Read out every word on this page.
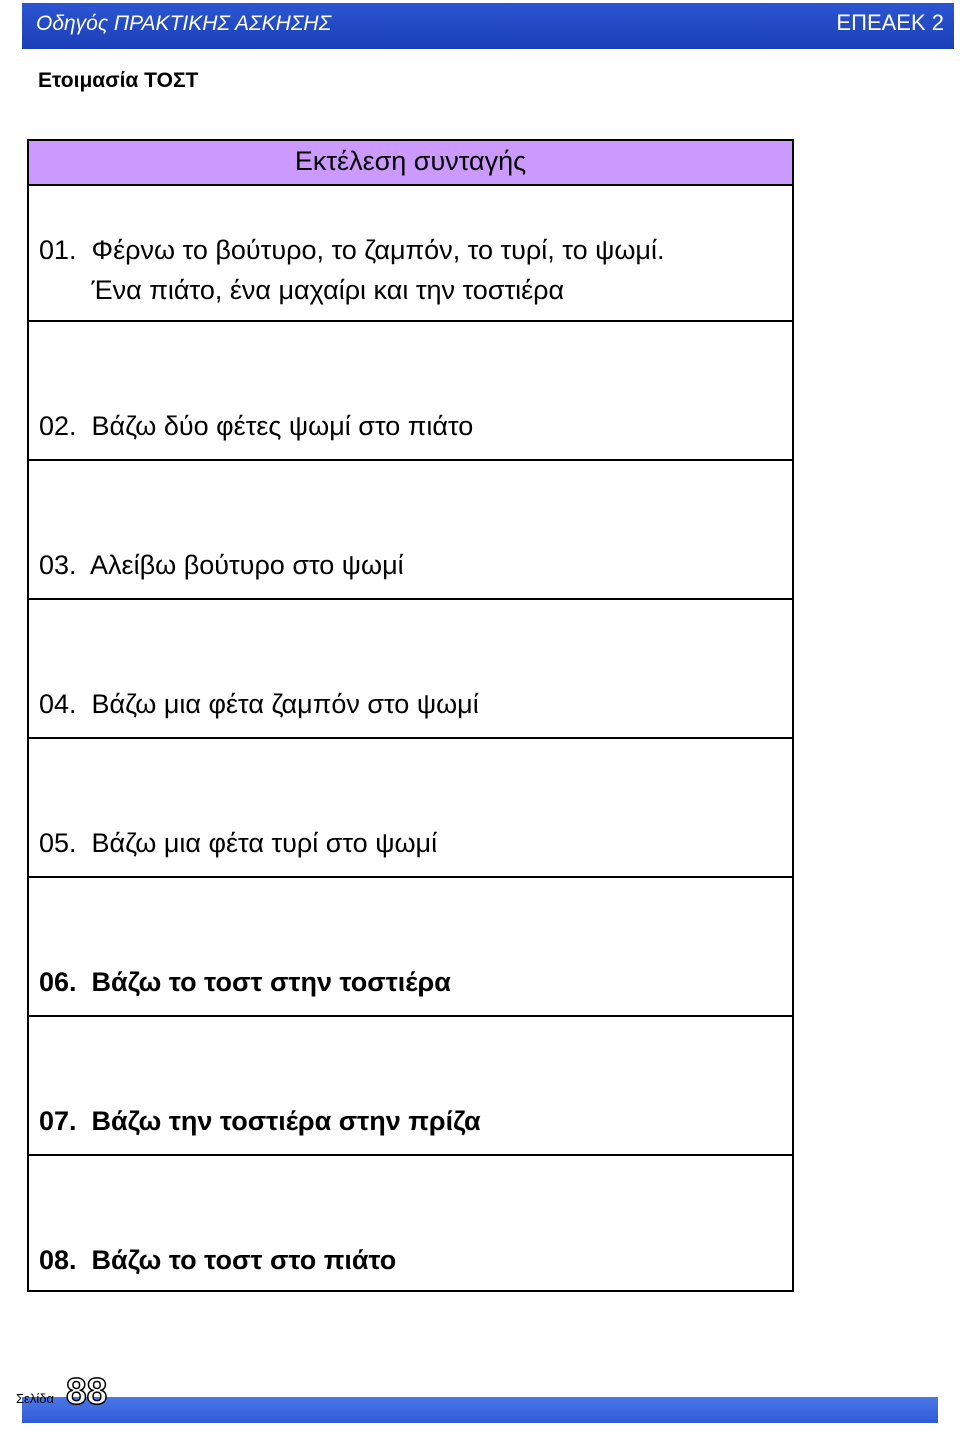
Οδηγός ΠΡΑΚΤΙΚΗΣ ΑΣΚΗΣΗΣ	ΕΠΕΑΕΚ 2
Ετοιμασία ΤΟΣΤ
Εκτέλεση συνταγής
01.  Φέρνω το βούτυρο, το ζαμπόν, το τυρί, το ψωμί.
Ένα πιάτο, ένα μαχαίρι και την τοστιέρα
02.  Βάζω δύο φέτες ψωμί στο πιάτο
03.  Αλείβω βούτυρο στο ψωμί
04.  Βάζω μια φέτα ζαμπόν στο ψωμί
05.  Βάζω μια φέτα τυρί στο ψωμί
06.  Βάζω το τοστ στην τοστιέρα
07.  Βάζω την τοστιέρα στην πρίζα
08.  Βάζω το τοστ στο πιάτο
Σελίδα 88
